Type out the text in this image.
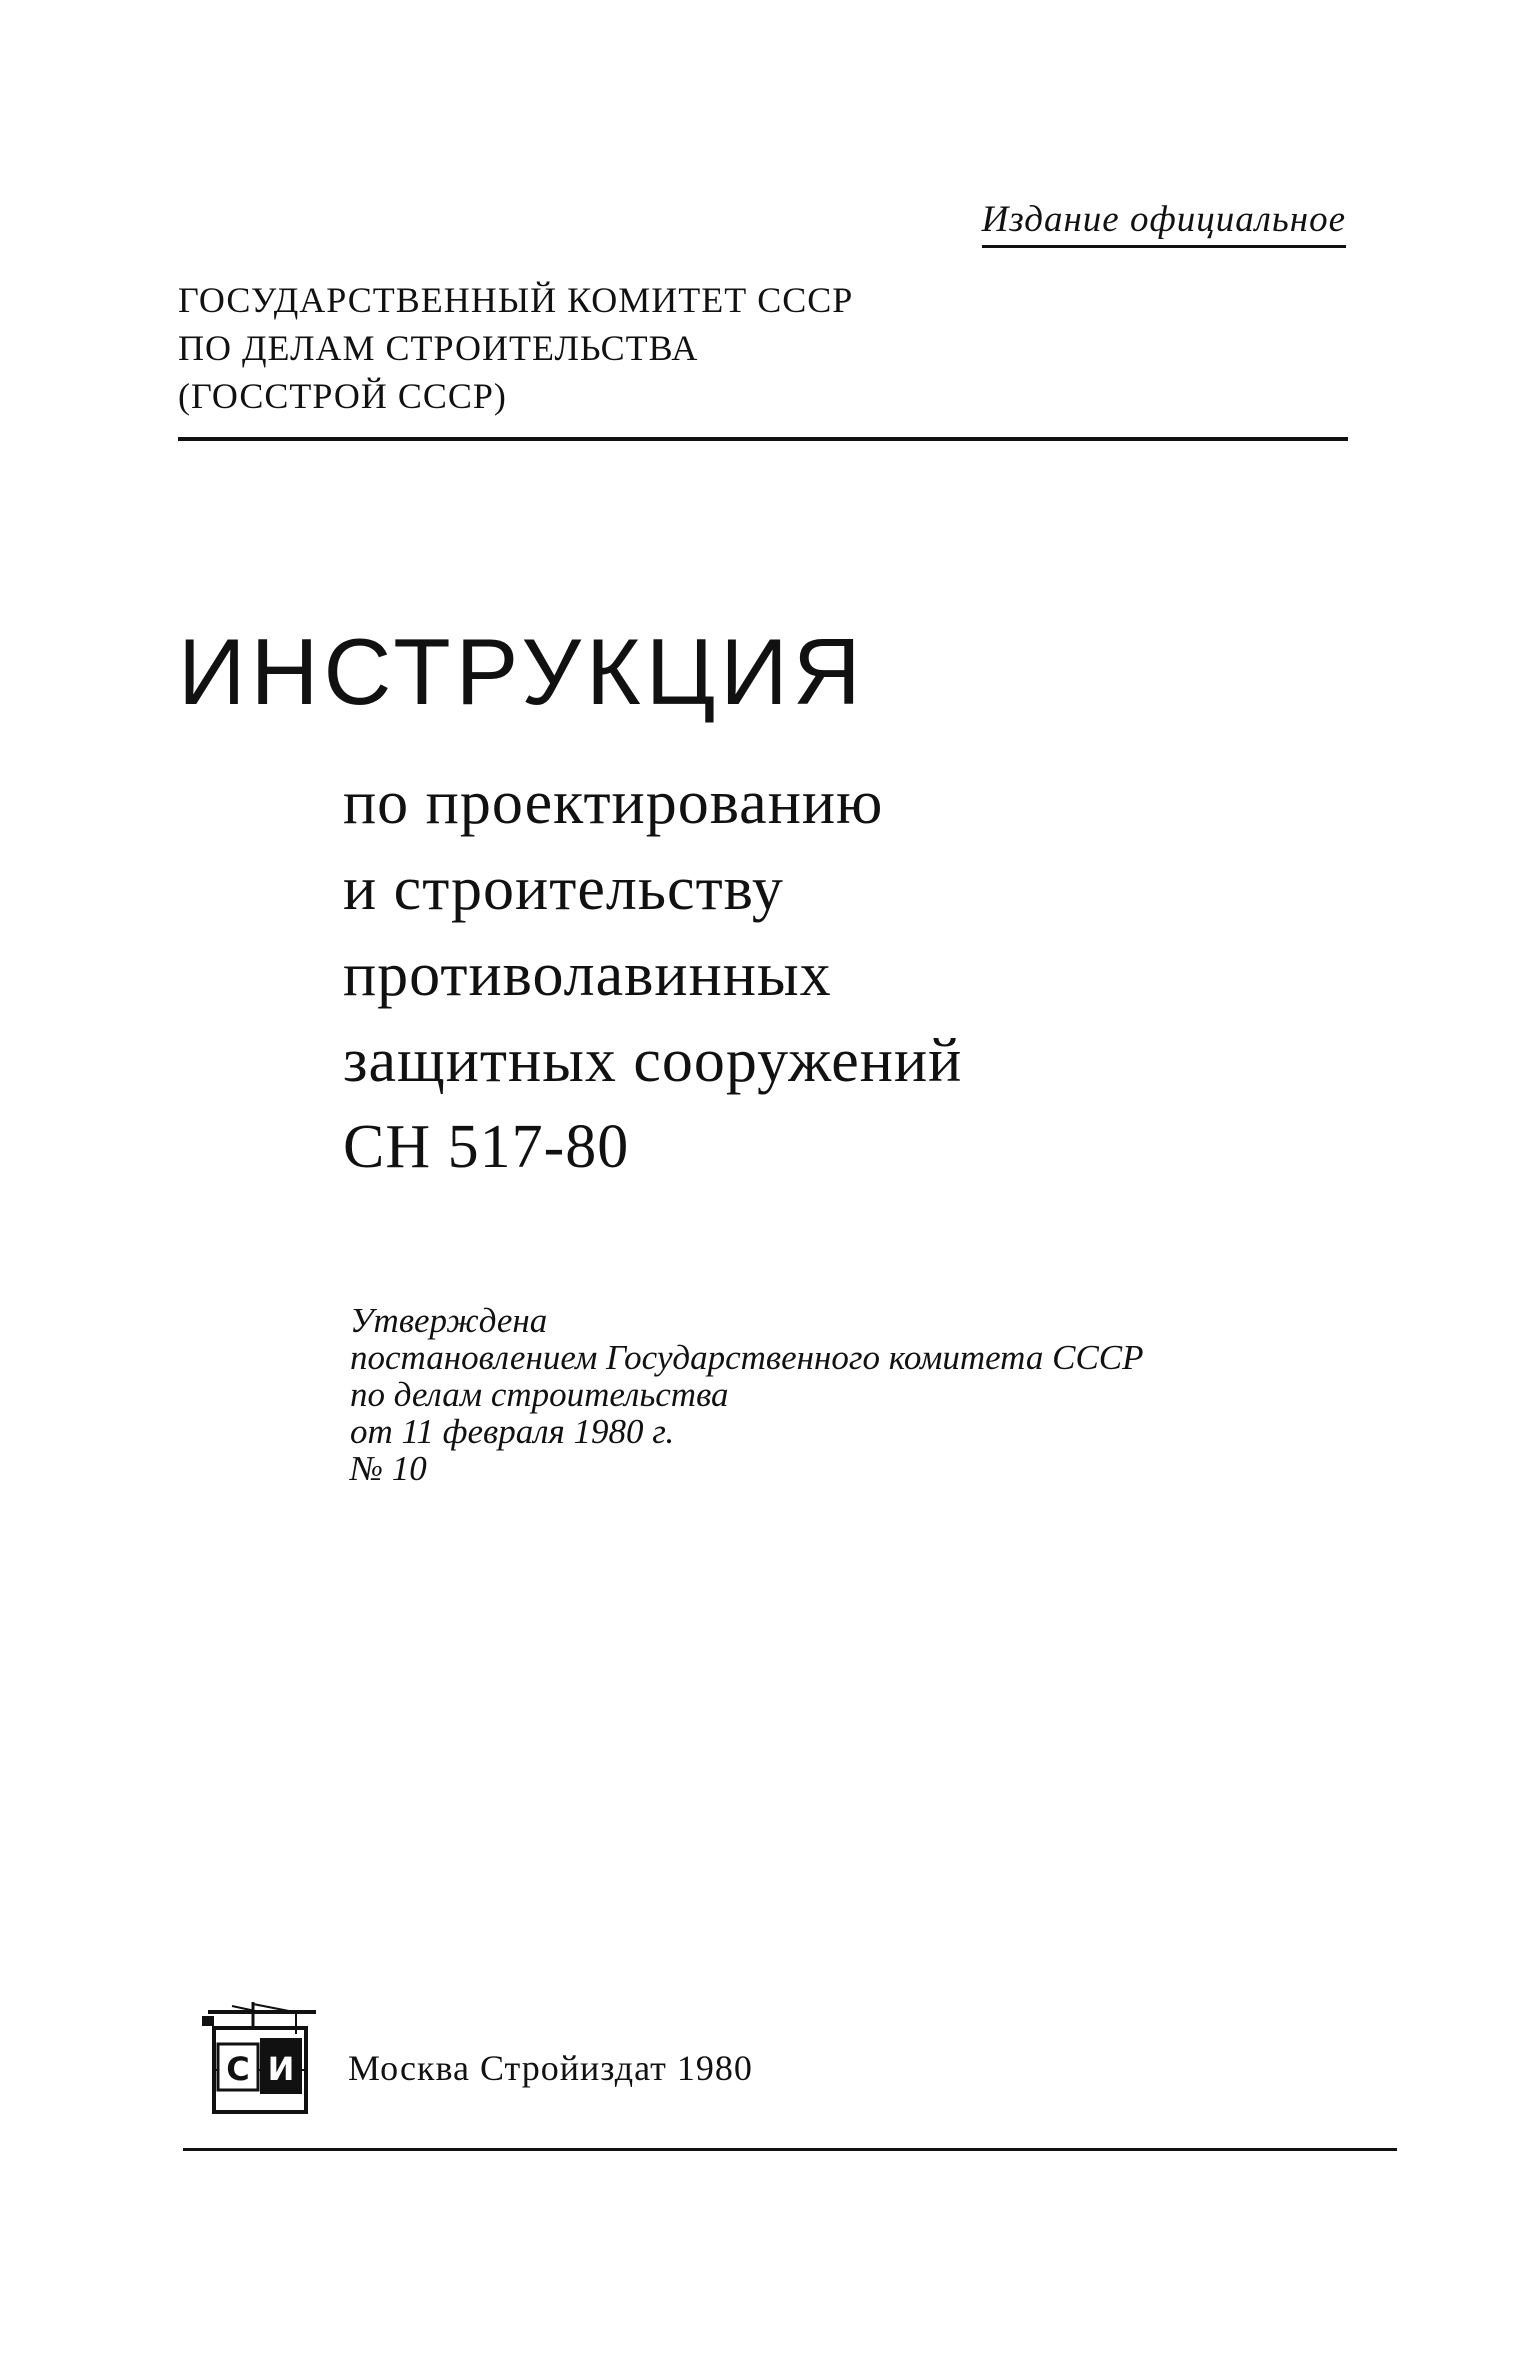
Издание официальное
ГОСУДАРСТВЕННЫЙ КОМИТЕТ СССР
ПО ДЕЛАМ СТРОИТЕЛЬСТВА
(ГОССТРОЙ СССР)
ИНСТРУКЦИЯ
по проектированию
и строительству
противолавинных
защитных сооружений
СН 517-80
Утверждена
постановлением Государственного комитета СССР
по делам строительства
от 11 февраля 1980 г.
№ 10
С И Москва Стройиздат 1980
